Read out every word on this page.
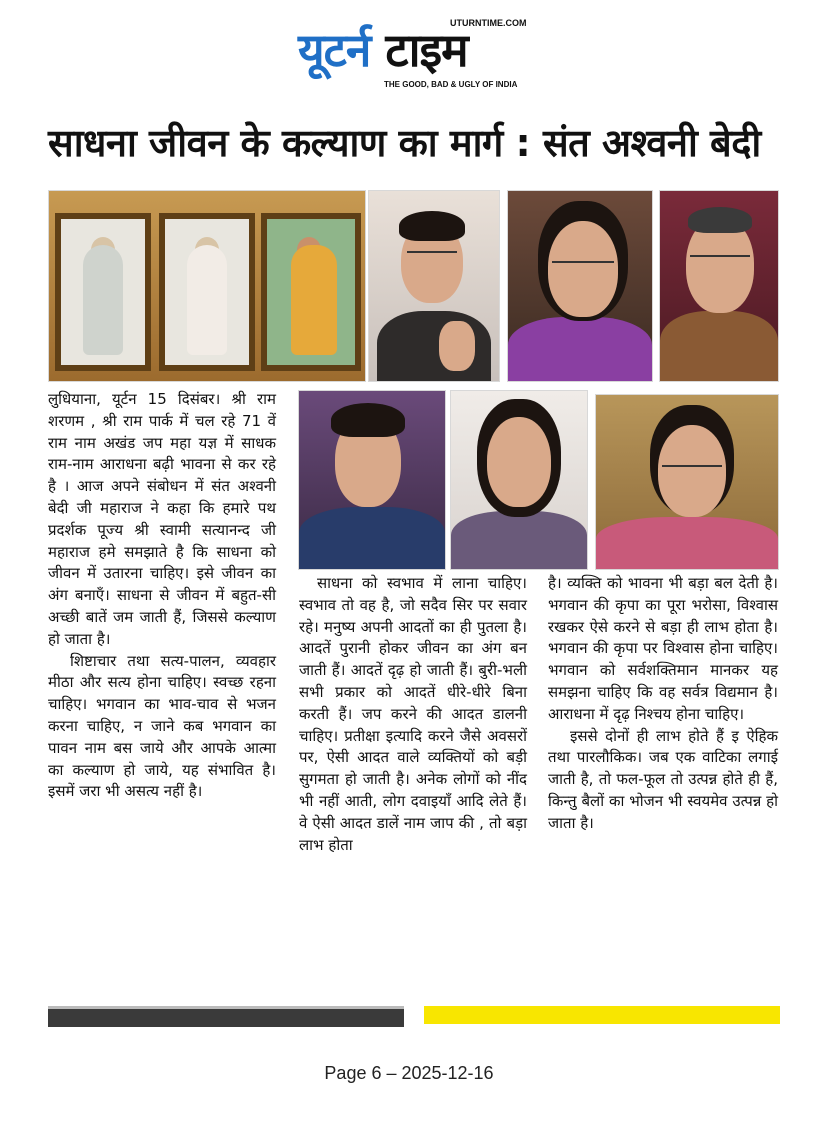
UTURNTIME.COM
यूटर्न टाइम
THE GOOD, BAD & UGLY OF INDIA
साधना जीवन के कल्याण का मार्ग : संत अश्वनी बेदी

लुधियाना, यूर्टन 15 दिसंबर। श्री राम शरणम , श्री राम पार्क में चल रहे 71 वें राम नाम अखंड जप महा यज्ञ में साधक राम-नाम आराधना बढ़ी भावना से कर रहे है । आज अपने संबोधन में संत अश्वनी बेदी जी महाराज ने कहा कि हमारे पथ प्रदर्शक पूज्य श्री स्वामी सत्यानन्द जी महाराज हमे समझाते है कि साधना को जीवन में उतारना चाहिए। इसे जीवन का अंग बनाएँ। साधना से जीवन में बहुत-सी अच्छी बातें जम जाती हैं, जिससे कल्याण हो जाता है।

शिष्टाचार तथा सत्य-पालन, व्यवहार मीठा और सत्य होना चाहिए। स्वच्छ रहना चाहिए। भगवान का भाव-चाव से भजन करना चाहिए, न जाने कब भगवान का पावन नाम बस जाये और आपके आत्मा का कल्याण हो जाये, यह संभावित है। इसमें जरा भी असत्य नहीं है।

साधना को स्वभाव में लाना चाहिए। स्वभाव तो वह है, जो सदैव सिर पर सवार रहे। मनुष्य अपनी आदतों का ही पुतला है। आदतें पुरानी होकर जीवन का अंग बन जाती हैं। आदतें दृढ़ हो जाती हैं। बुरी-भली सभी प्रकार को आदतें धीरे-धीरे बिना करती हैं। जप करने की आदत डालनी चाहिए। प्रतीक्षा इत्यादि करने जैसे अवसरों पर, ऐसी आदत वाले व्यक्तियों को बड़ी सुगमता हो जाती है। अनेक लोगों को नींद भी नहीं आती, लोग दवाइयाँ आदि लेते हैं। वे ऐसी आदत डालें नाम जाप की , तो बड़ा लाभ होता

है। व्यक्ति को भावना भी बड़ा बल देती है। भगवान की कृपा का पूरा भरोसा, विश्वास रखकर ऐसे करने से बड़ा ही लाभ होता है। भगवान की कृपा पर विश्वास होना चाहिए। भगवान को सर्वशक्तिमान मानकर यह समझना चाहिए कि वह सर्वत्र विद्यमान है। आराधना में दृढ़ निश्चय होना चाहिए।

इससे दोनों ही लाभ होते हैं इ ऐहिक तथा पारलौकिक। जब एक वाटिका लगाई जाती है, तो फल-फूल तो उत्पन्न होते ही हैं, किन्तु बैलों का भोजन भी स्वयमेव उत्पन्न हो जाता है।

Page 6 – 2025-12-16
